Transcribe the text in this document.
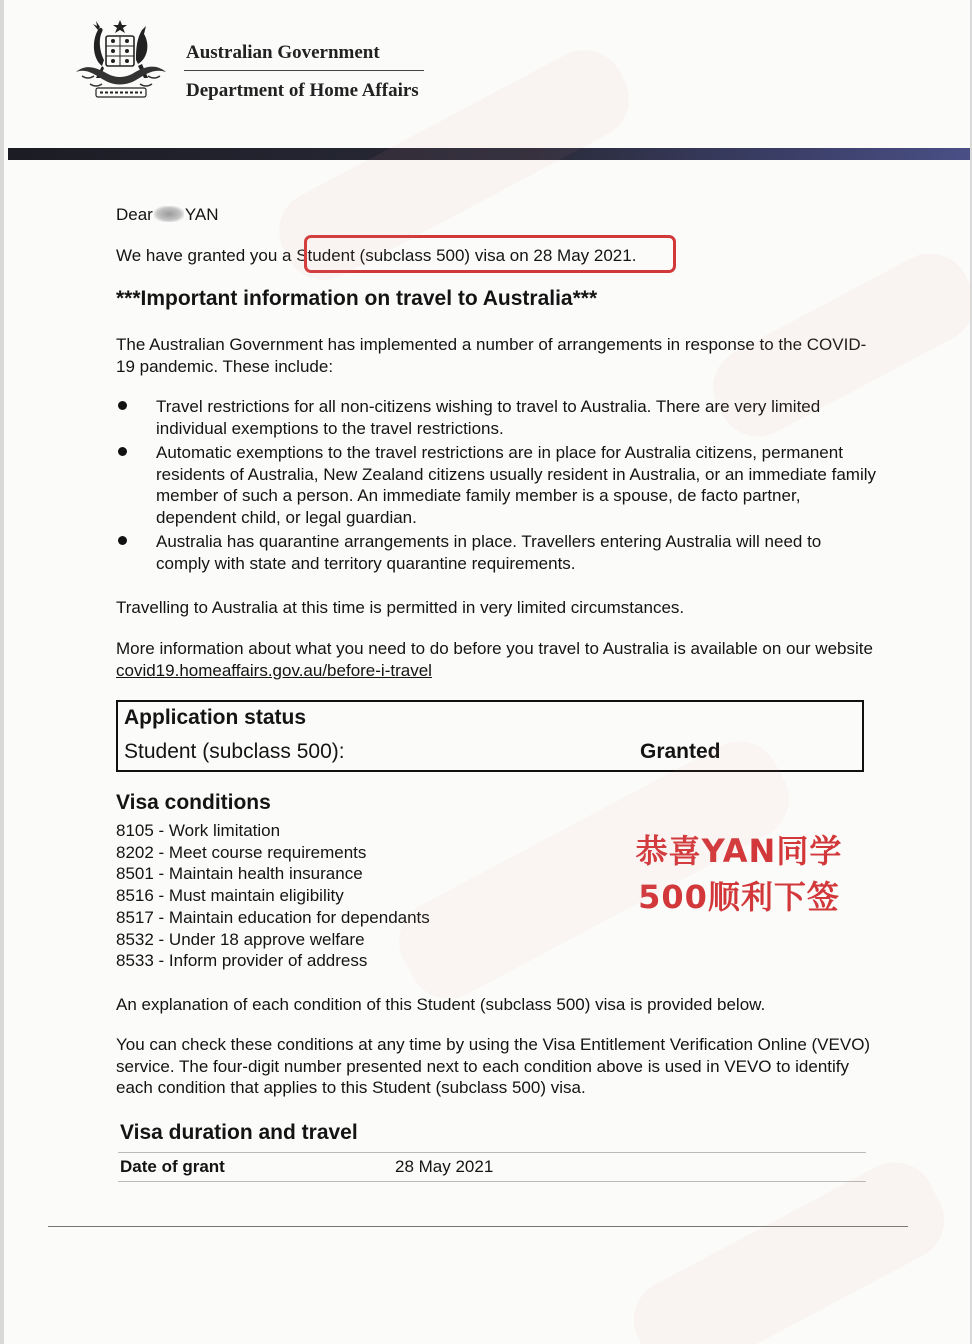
Australian Government
Department of Home Affairs
Dear YAN
We have granted you a Student (subclass 500) visa on 28 May 2021.
***Important information on travel to Australia***
The Australian Government has implemented a number of arrangements in response to the COVID-19 pandemic. These include:
Travel restrictions for all non-citizens wishing to travel to Australia. There are very limited individual exemptions to the travel restrictions.
Automatic exemptions to the travel restrictions are in place for Australia citizens, permanent residents of Australia, New Zealand citizens usually resident in Australia, or an immediate family member of such a person. An immediate family member is a spouse, de facto partner, dependent child, or legal guardian.
Australia has quarantine arrangements in place. Travellers entering Australia will need to comply with state and territory quarantine requirements.
Travelling to Australia at this time is permitted in very limited circumstances.
More information about what you need to do before you travel to Australia is available on our website covid19.homeaffairs.gov.au/before-i-travel
Application status
Student (subclass 500):	Granted
Visa conditions
8105 - Work limitation
8202 - Meet course requirements
8501 - Maintain health insurance
8516 - Must maintain eligibility
8517 - Maintain education for dependants
8532 - Under 18 approve welfare
8533 - Inform provider of address
恭喜YAN同学
500顺利下签
An explanation of each condition of this Student (subclass 500) visa is provided below.
You can check these conditions at any time by using the Visa Entitlement Verification Online (VEVO) service. The four-digit number presented next to each condition above is used in VEVO to identify each condition that applies to this Student (subclass 500) visa.
Visa duration and travel
Date of grant	28 May 2021
